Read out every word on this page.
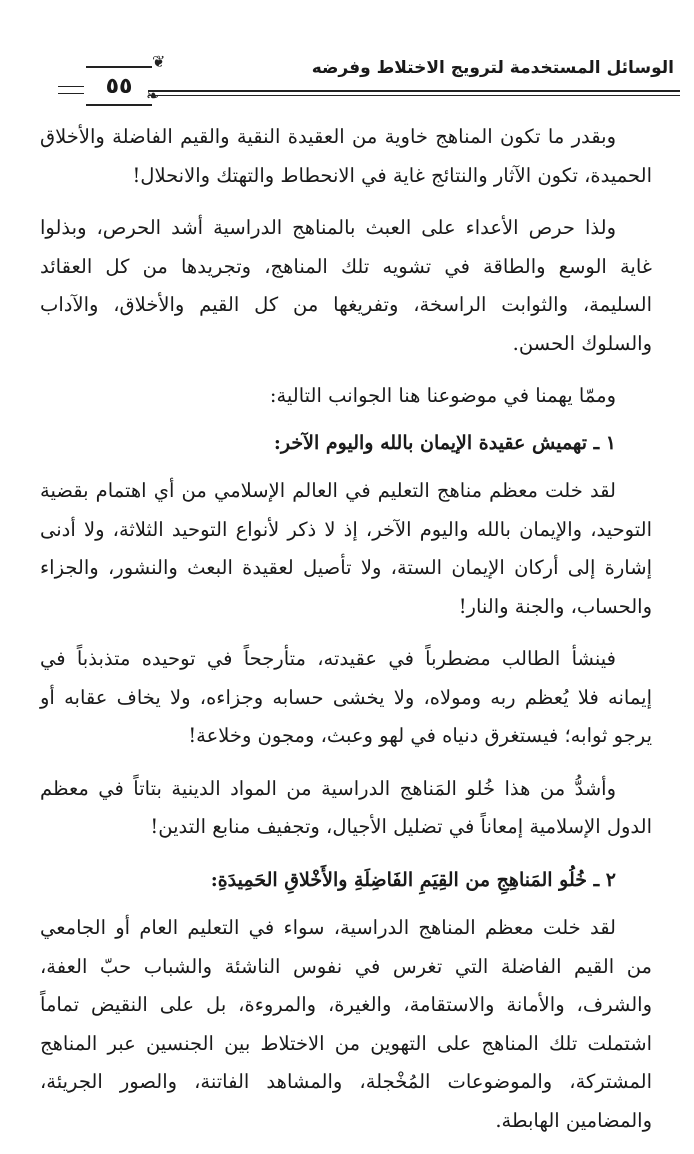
الوسائل المستخدمة لترويج الاختلاط وفرضه
٥٥
❦
❧

وبقدر ما تكون المناهج خاوية من العقيدة النقية والقيم الفاضلة والأخلاق الحميدة، تكون الآثار والنتائج غاية في الانحطاط والتهتك والانحلال!

ولذا حرص الأعداء على العبث بالمناهج الدراسية أشد الحرص، وبذلوا غاية الوسع والطاقة في تشويه تلك المناهج، وتجريدها من كل العقائد السليمة، والثوابت الراسخة، وتفريغها من كل القيم والأخلاق، والآداب والسلوك الحسن.

وممّا يهمنا في موضوعنا هنا الجوانب التالية:

١ ـ تهميش عقيدة الإيمان بالله واليوم الآخر:

لقد خلت معظم مناهج التعليم في العالم الإسلامي من أي اهتمام بقضية التوحيد، والإيمان بالله واليوم الآخر، إذ لا ذكر لأنواع التوحيد الثلاثة، ولا أدنى إشارة إلى أركان الإيمان الستة، ولا تأصيل لعقيدة البعث والنشور، والجزاء والحساب، والجنة والنار!

فينشأ الطالب مضطرباً في عقيدته، متأرجحاً في توحيده متذبذباً في إيمانه فلا يُعظم ربه ومولاه، ولا يخشى حسابه وجزاءه، ولا يخاف عقابه أو يرجو ثوابه؛ فيستغرق دنياه في لهو وعبث، ومجون وخلاعة!

وأشدُّ من هذا خُلو المَناهج الدراسية من المواد الدينية بتاتاً في معظم الدول الإسلامية إمعاناً في تضليل الأجيال، وتجفيف منابع التدين!

٢ ـ خُلُو المَناهِجِ من القِيَمِ الفَاضِلَةِ والأَخْلاقِ الحَمِيدَةِ:

لقد خلت معظم المناهج الدراسية، سواء في التعليم العام أو الجامعي من القيم الفاضلة التي تغرس في نفوس الناشئة والشباب حبّ العفة، والشرف، والأمانة والاستقامة، والغيرة، والمروءة، بل على النقيض تماماً اشتملت تلك المناهج على التهوين من الاختلاط بين الجنسين عبر المناهج المشتركة، والموضوعات المُخْجلة، والمشاهد الفاتنة، والصور الجريئة، والمضامين الهابطة.
